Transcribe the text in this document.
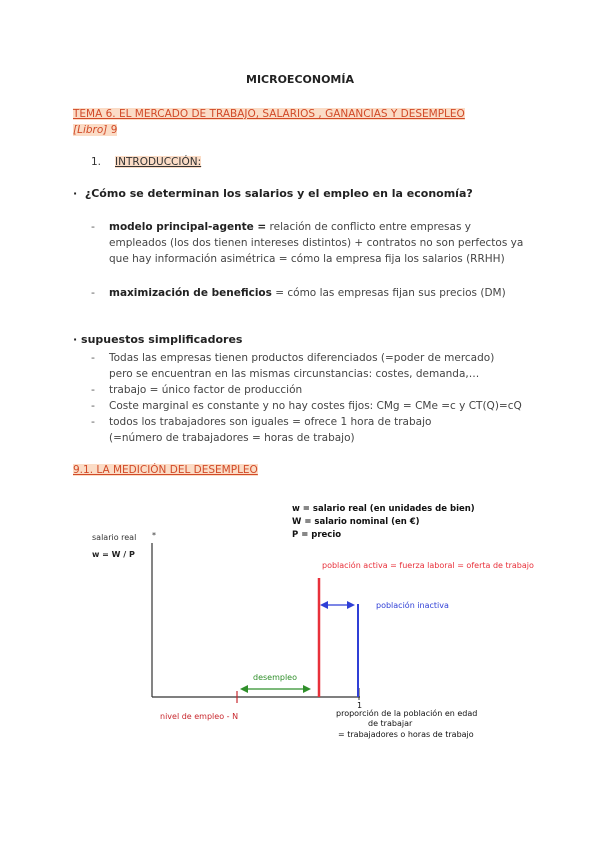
MICROECONOMÍA
TEMA 6. EL MERCADO DE TRABAJO, SALARIOS , GANANCIAS Y DESEMPLEO
[Libro] 9
1. INTRODUCCIÓN:
·  ¿Cómo se determinan los salarios y el empleo en la economía?
- modelo principal-agente = relación de conflicto entre empresas y empleados (los dos tienen intereses distintos) + contratos no son perfectos ya que hay información asimétrica = cómo la empresa fija los salarios (RRHH)
- maximización de beneficios = cómo las empresas fijan sus precios (DM)
· supuestos simplificadores
- Todas las empresas tienen productos diferenciados (=poder de mercado) pero se encuentran en las mismas circunstancias: costes, demanda,…
- trabajo = único factor de producción
- Coste marginal es constante y no hay costes fijos: CMg = CMe =c y CT(Q)=cQ
- todos los trabajadores son iguales = ofrece 1 hora de trabajo (=número de trabajadores = horas de trabajo)
9.1. LA MEDICIÓN DEL DESEMPLEO
w = salario real (en unidades de bien)
W = salario nominal (en €)
P = precio
salario real *
w = W / P
población activa = fuerza laboral = oferta de trabajo
población inactiva
desempleo
nivel de empleo - N
1
proporción de la población en edad
de trabajar
= trabajadores o horas de trabajo
